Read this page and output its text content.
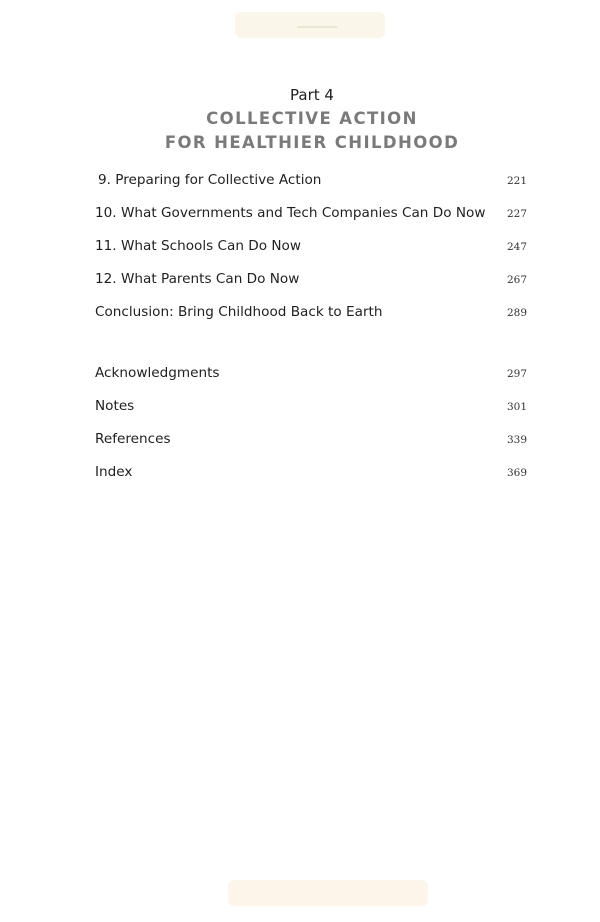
Part 4
COLLECTIVE ACTION
FOR HEALTHIER CHILDHOOD
9. Preparing for Collective Action	221
10. What Governments and Tech Companies Can Do Now 227
11. What Schools Can Do Now	247
12. What Parents Can Do Now	267
Conclusion: Bring Childhood Back to Earth	289
Acknowledgments	297
Notes	301
References	339
Index	369
